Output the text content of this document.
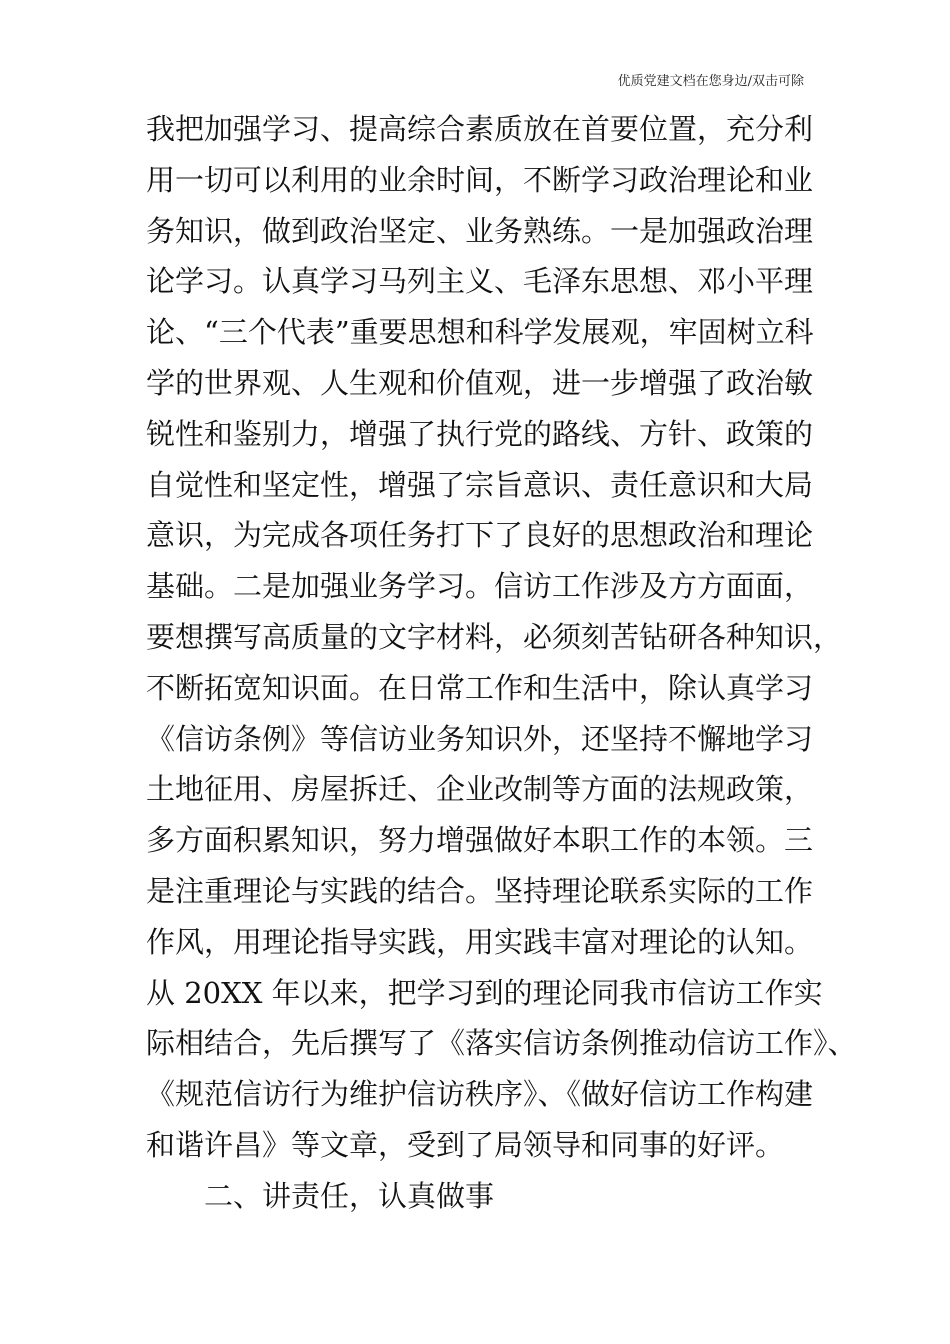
优质党建文档在您身边/双击可除
我把加强学习、提高综合素质放在首要位置，充分利
用一切可以利用的业余时间，不断学习政治理论和业
务知识，做到政治坚定、业务熟练。一是加强政治理
论学习。认真学习马列主义、毛泽东思想、邓小平理
论、“三个代表”重要思想和科学发展观，牢固树立科
学的世界观、人生观和价值观，进一步增强了政治敏
锐性和鉴别力，增强了执行党的路线、方针、政策的
自觉性和坚定性，增强了宗旨意识、责任意识和大局
意识，为完成各项任务打下了良好的思想政治和理论
基础。二是加强业务学习。信访工作涉及方方面面，
要想撰写高质量的文字材料，必须刻苦钻研各种知识，
不断拓宽知识面。在日常工作和生活中，除认真学习
《信访条例》等信访业务知识外，还坚持不懈地学习
土地征用、房屋拆迁、企业改制等方面的法规政策，
多方面积累知识，努力增强做好本职工作的本领。三
是注重理论与实践的结合。坚持理论联系实际的工作
作风，用理论指导实践，用实践丰富对理论的认知。
从 20XX 年以来，把学习到的理论同我市信访工作实
际相结合，先后撰写了《落实信访条例推动信访工作》、
《规范信访行为维护信访秩序》、《做好信访工作构建
和谐许昌》等文章，受到了局领导和同事的好评。
二、讲责任，认真做事
